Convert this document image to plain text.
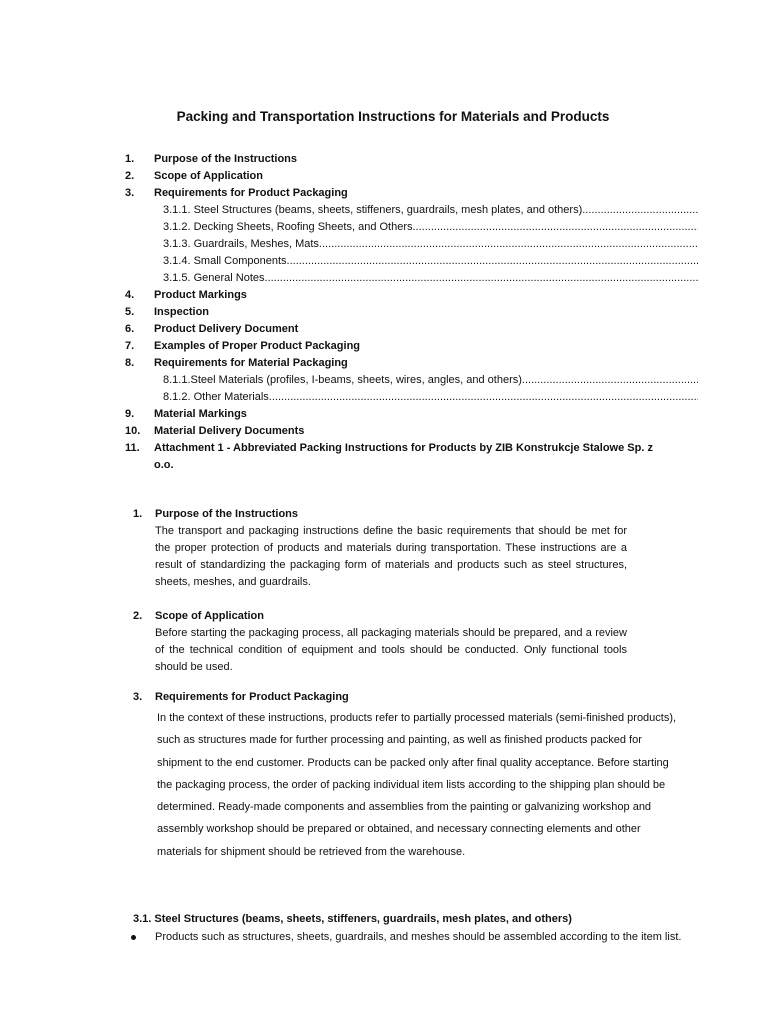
Packing and Transportation Instructions for Materials and Products
1. Purpose of the Instructions
2. Scope of Application
3. Requirements for Product Packaging
3.1.1.
Steel Structures (beams, sheets, stiffeners, guardrails, mesh plates, and others)
.....
3.1.2.
Decking Sheets, Roofing Sheets, and Others
.....
3.1.3.
Guardrails, Meshes, Mats
.....
3.1.4.
Small Components
.....
3.1.5.
General Notes
.....
4. Product Markings
5. Inspection
6. Product Delivery Document
7. Examples of Proper Product Packaging
8. Requirements for Material Packaging
8.1.1. Steel Materials (profiles, I-beams, sheets, wires, angles, and others)
.....
8.1.2.
Other Materials
.....
9. Material Markings
10. Material Delivery Documents
11. Attachment 1 - Abbreviated Packing Instructions for Products by ZIB Konstrukcje Stalowe Sp. z o.o.
1. Purpose of the Instructions
The transport and packaging instructions define the basic requirements that should be met for the proper protection of products and materials during transportation. These instructions are a result of standardizing the packaging form of materials and products such as steel structures, sheets, meshes, and guardrails.
2. Scope of Application
Before starting the packaging process, all packaging materials should be prepared, and a review of the technical condition of equipment and tools should be conducted. Only functional tools should be used.
3. Requirements for Product Packaging
In the context of these instructions, products refer to partially processed materials (semi-finished products),
such as structures made for further processing and painting, as well as finished products packed for
shipment to the end customer. Products can be packed only after final quality acceptance. Before starting
the packaging process, the order of packing individual item lists according to the shipping plan should be
determined. Ready-made components and assemblies from the painting or galvanizing workshop and
assembly workshop should be prepared or obtained, and necessary connecting elements and other
materials for shipment should be retrieved from the warehouse.
3.1. Steel Structures (beams, sheets, stiffeners, guardrails, mesh plates, and others)
Products such as structures, sheets, guardrails, and meshes should be assembled according to the item list.
